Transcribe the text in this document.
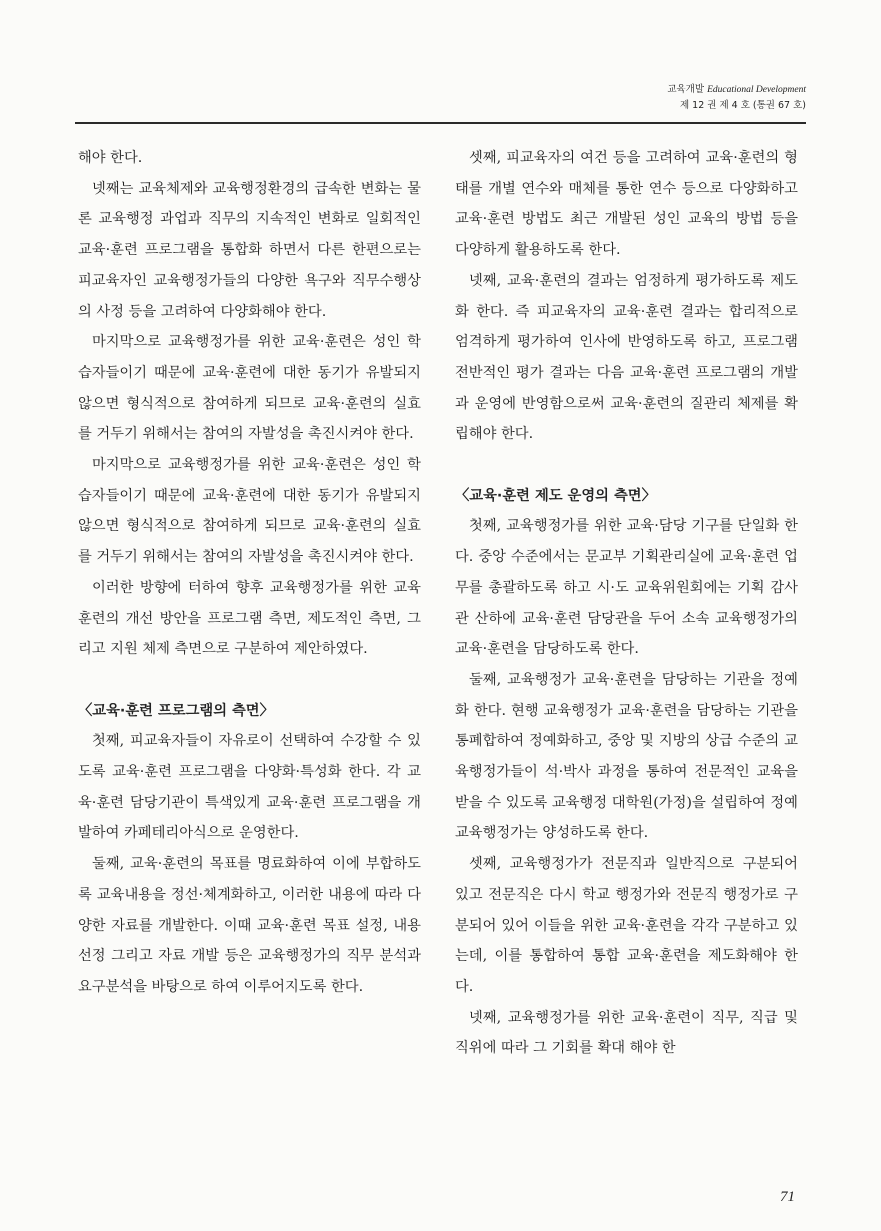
교육개발 Educational Development
제 12 권 제 4 호 (통권 67 호)

해야 한다.

넷째는 교육체제와 교육행정환경의 급속한 변화는 물론 교육행정 과업과 직무의 지속적인 변화로 일회적인 교육·훈련 프로그램을 통합화 하면서 다른 한편으로는 피교육자인 교육행정가들의 다양한 욕구와 직무수행상의 사정 등을 고려하여 다양화해야 한다.

마지막으로 교육행정가를 위한 교육·훈련은 성인 학습자들이기 때문에 교육·훈련에 대한 동기가 유발되지 않으면 형식적으로 참여하게 되므로 교육·훈련의 실효를 거두기 위해서는 참여의 자발성을 촉진시켜야 한다.

마지막으로 교육행정가를 위한 교육·훈련은 성인 학습자들이기 때문에 교육·훈련에 대한 동기가 유발되지 않으면 형식적으로 참여하게 되므로 교육·훈련의 실효를 거두기 위해서는 참여의 자발성을 촉진시켜야 한다.

이러한 방향에 터하여 향후 교육행정가를 위한 교육 훈련의 개선 방안을 프로그램 측면, 제도적인 측면, 그리고 지원 체제 측면으로 구분하여 제안하였다.

〈교육·훈련 프로그램의 측면〉

첫째, 피교육자들이 자유로이 선택하여 수강할 수 있도록 교육·훈련 프로그램을 다양화·특성화 한다. 각 교육·훈련 담당기관이 특색있게 교육·훈련 프로그램을 개발하여 카페테리아식으로 운영한다.

둘째, 교육·훈련의 목표를 명료화하여 이에 부합하도록 교육내용을 정선·체계화하고, 이러한 내용에 따라 다양한 자료를 개발한다. 이때 교육·훈련 목표 설정, 내용 선정 그리고 자료 개발 등은 교육행정가의 직무 분석과 요구분석을 바탕으로 하여 이루어지도록 한다.

셋째, 피교육자의 여건 등을 고려하여 교육·훈련의 형태를 개별 연수와 매체를 통한 연수 등으로 다양화하고 교육·훈련 방법도 최근 개발된 성인 교육의 방법 등을 다양하게 활용하도록 한다.

넷째, 교육·훈련의 결과는 엄정하게 평가하도록 제도화 한다. 즉 피교육자의 교육·훈련 결과는 합리적으로 엄격하게 평가하여 인사에 반영하도록 하고, 프로그램 전반적인 평가 결과는 다음 교육·훈련 프로그램의 개발과 운영에 반영함으로써 교육·훈련의 질관리 체제를 확립해야 한다.

〈교육·훈련 제도 운영의 측면〉

첫째, 교육행정가를 위한 교육·담당 기구를 단일화 한다. 중앙 수준에서는 문교부 기획관리실에 교육·훈련 업무를 총괄하도록 하고 시·도 교육위원회에는 기획 감사관 산하에 교육·훈련 담당관을 두어 소속 교육행정가의 교육·훈련을 담당하도록 한다.

둘째, 교육행정가 교육·훈련을 담당하는 기관을 정예화 한다. 현행 교육행정가 교육·훈련을 담당하는 기관을 통폐합하여 정예화하고, 중앙 및 지방의 상급 수준의 교육행정가들이 석·박사 과정을 통하여 전문적인 교육을 받을 수 있도록 교육행정 대학원(가정)을 설립하여 정예 교육행정가는 양성하도록 한다.

셋째, 교육행정가가 전문직과 일반직으로 구분되어 있고 전문직은 다시 학교 행정가와 전문직 행정가로 구분되어 있어 이들을 위한 교육·훈련을 각각 구분하고 있는데, 이를 통합하여 통합 교육·훈련을 제도화해야 한다.

넷째, 교육행정가를 위한 교육·훈련이 직무, 직급 및 직위에 따라 그 기회를 확대 해야 한

71
